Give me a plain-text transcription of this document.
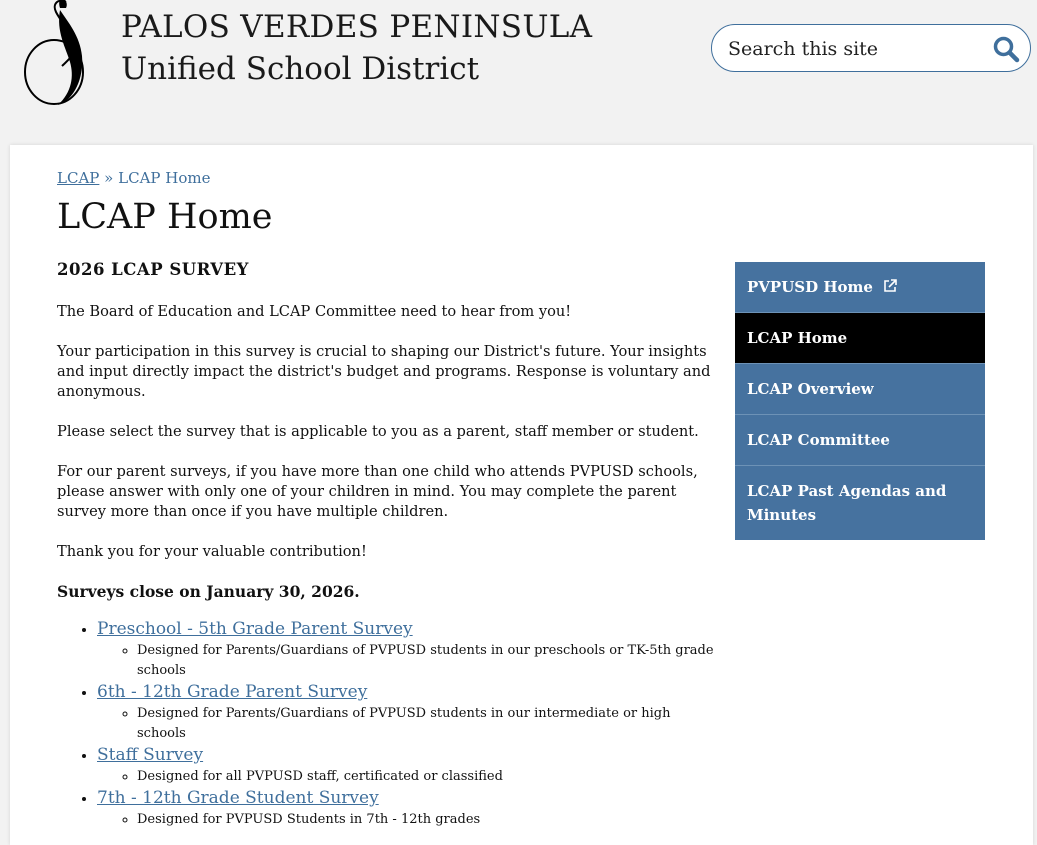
PALOS VERDES PENINSULA
Unified School District
Search this site
LCAP » LCAP Home
LCAP Home
2026 LCAP SURVEY

The Board of Education and LCAP Committee need to hear from you!

Your participation in this survey is crucial to shaping our District's future. Your insights and input directly impact the district's budget and programs. Response is voluntary and anonymous.

Please select the survey that is applicable to you as a parent, staff member or student.

For our parent surveys, if you have more than one child who attends PVPUSD schools, please answer with only one of your children in mind. You may complete the parent survey more than once if you have multiple children.

Thank you for your valuable contribution!

Surveys close on January 30, 2026.

• Preschool - 5th Grade Parent Survey
◦ Designed for Parents/Guardians of PVPUSD students in our preschools or TK-5th grade schools
• 6th - 12th Grade Parent Survey
◦ Designed for Parents/Guardians of PVPUSD students in our intermediate or high schools
• Staff Survey
◦ Designed for all PVPUSD staff, certificated or classified
• 7th - 12th Grade Student Survey
◦ Designed for PVPUSD Students in 7th - 12th grades
PVPUSD Home
LCAP Home
LCAP Overview
LCAP Committee
LCAP Past Agendas and Minutes
